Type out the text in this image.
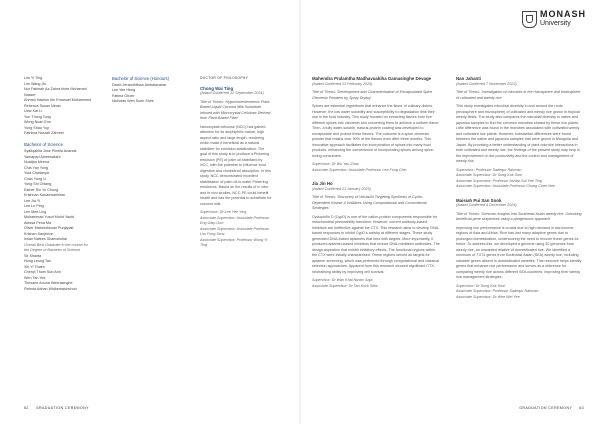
MONASH
University
Lim Yi Ting
Lim Wang Jin
Nur Fatimah Az-Zahra binte Mohamed Nasser
Ahmed Hashim bin Emanuel Mohammed
Rebecca Susan Ninan
Liew Kai Li
Yun Thong Tong
Wong Nuan Ene
Yong Shao Yup
Fathima Nusrah Zahreel
Bachelor of Science
Syafiqahlia Jose Pinelia Ananda
Yamapad Ameesakshi
Nuatipa Meena
Chia Yan Yong
Yula Chaitanya
Chan Yung Li
Yong Shi Chiang
Esther Sin Yu Chong
Krishnan Kanamsankiran
Lee Jia Yi
Lee Lu Ping
Lee Mee Ling
Muhammad Yusuf Mohd Yazid
Atessa Pena Ma
Oliver Mahesthiruan Punjapati
Krishan Sanjeeve
Irwan Nafees Shamshullai
Overall Best Graduate in the course for the Degree of Bachelor of Science
Sir Shanta
Hung Leong Tan
Xin Yi Thaen
Chenyl Thum Sun Ann
Wen Tan Yee
Thesane Anuna Weerasinghe
Flelnda Adrian Widkemasinchuh
Bachelor of Science (Honours)
David Jerandhithan Ambalavanar
Lee Yee Heng
Fatima Ghoer
Nicholas Wen Suen Shee
DOCTOR OF PHILOSOPHY
Chong Wai Ting
(Award Conferred 12 September 2024)
Title of Thesis: 'Hypocholesterolemic Plant-Based Liquid Coconut Milk Substitute Infused with Microcrystal Cellulose Derived from Plant-Based Fiber'
Nanocrystal cellulose (NCC) has gained attention for its amphiphilic nature, high aspect ratio and large length, rendering which make it beneficial as a natural stabilizer for emulsion stabilization. The goal of this study is to produce a Pickering emulsion (PE) of palm oil stabilized by NCC, with the potential to influence food digestion and cholesterol absorption. In this study, NCC demonstrated excellent stabilization of palm oil-in-water Pickering emulsions. Based on the results of in vitro and in vivo studies, NCC-PE could benefit health and has the potential to substitute for coconut milk.
Supervisor: Dr Lee Yee Ying
Associate Supervisor: Associate Professor Eng Giap Goh
Associate Supervisor: Associate Professor Lim Fong Siew
Associate Supervisor: Professor Wong Yi Ting
Mahendra Pralamtha Madhavuakiha Gamasinghe Devage
(Award Conferred 13 February 2025)
Title of Thesis: 'Development and Characterisation of Encapsulated Spice Oleoresin Powders by Spray Drying'
Spices are essential ingredients that enhance the flavor of culinary dishes. However, the low water solubility and susceptibility to degradation limit their use in the food industry. This study focused on extracting flavors from five different spices into oleoresin and converting them to achieve a uniform flavor. Then, a fully water-soluble, natural-protein coating was developed to encapsulate and protect these flavors. The outcome is a spice oleoresin powder that retains over 90% of the flavors even after three months. This innovative approach facilitates the incorporation of spices into many food products, enhancing the convenience of incorporating spices among spice-loving consumers.
Supervisor: Dr Wu Yao Zhao
Associate Supervisor: Associate Professor Lee Fong Chin
Jia Jin Ho
(Award Conferred 21 January 2025)
Title of Thesis: 'Discovery of Virtual/Ai Targeting Synthesis of Cyclin-Dependent Kinase-4 Inhibitors Using Computational and Conventional Strategies'
Cyclophilin D (CypD) is one of the cation-protein components responsible for mitochondrial permeability transition. However, current antibody-based inhibitors are ineffective against the CTX. This research aims to develop DNA-based responses to inhibit CypD's activity at different stages. These study generated DNA-based aptamers that bind with targets. More importantly, it produced aptamer-based inhibitors that reduce DNA-mediated antibodies. The design aspiration that exhibit inhibitory effects. The functional regions within the CTX were initially characterised. These regions served as targets for aptamer screening, which was performed through computational and classical selection approaches. Apparent from this research showed significant CTX-neutralising ability by improving cell survival.
Supervisor: Dr Wan Khai Nizam Saja
Associate Supervisor: Dr Tan Kock Siew
Nan Jahanti
(Award Conferred 7 November 2022)
Title of Thesis: 'Investigation of microbes in the rhizosphere and endosphere of cultivated and weedy rice'
This study investigates microbial diversity in and around the roots (endosphere and rhizosphere) of cultivated and weedy rice grown in tropical weedy fields. The study also compares the microbial diversity in native and japonica samples to find the common microbes shared by these rice plants. Little difference was found in the microbes associated with cultivated weedy and cultivated rice plants. However, substantial differences were found between the native and japonica samples that were grown in Mongolia and Japan. By providing a better understanding of plant-microbe interactions in both cultivated and weedy rice, the findings of the present study may help in the improvement of rice productivity and the control and management of weedy rice.
Supervisor: Professor Sadequr Rahman
Associate Supervisor: Dr Song Kok Sooi
Associate Supervisor: Professor Ashfar-Sui Yee Ting
Associate Supervisor: Associate Professor Chong Chee Nee
Maisiah Pui San Sook
(Award Conferred 4 December 2024)
Title of Thesis: 'Genomic insights into Southeast Asian weedy rice: Unlocking beneficial gene sequences using a pangenomic approach'
Improving rice performance is crucial due to high demand in low-income regions of Asia and Africa. Rice has lost many adaptive genes due to prolonged domestication, underscoring the need to recover these genes for future. To address this, we developed a genome using 30 genomes from weedy rice, an unwanted relative of domesticated rice. We identified a minimum of 7,074 genes from Southeast Asian (SEA) weedy rice, including valuable genes absent in domesticated varieties. This resource helps identify genes that enhance rice performance and serves as a reference for comparing weedy rice across different SEA countries, improving their weedy rice management strategies.
Supervisor: Dr Song Kok Sooi
Associate Supervisor: Professor Sadequr Rahman
Associate Supervisor: Dr Wee Wei Yee
62 GRADUATION CEREMONY	GRADUATION CEREMONY 63
